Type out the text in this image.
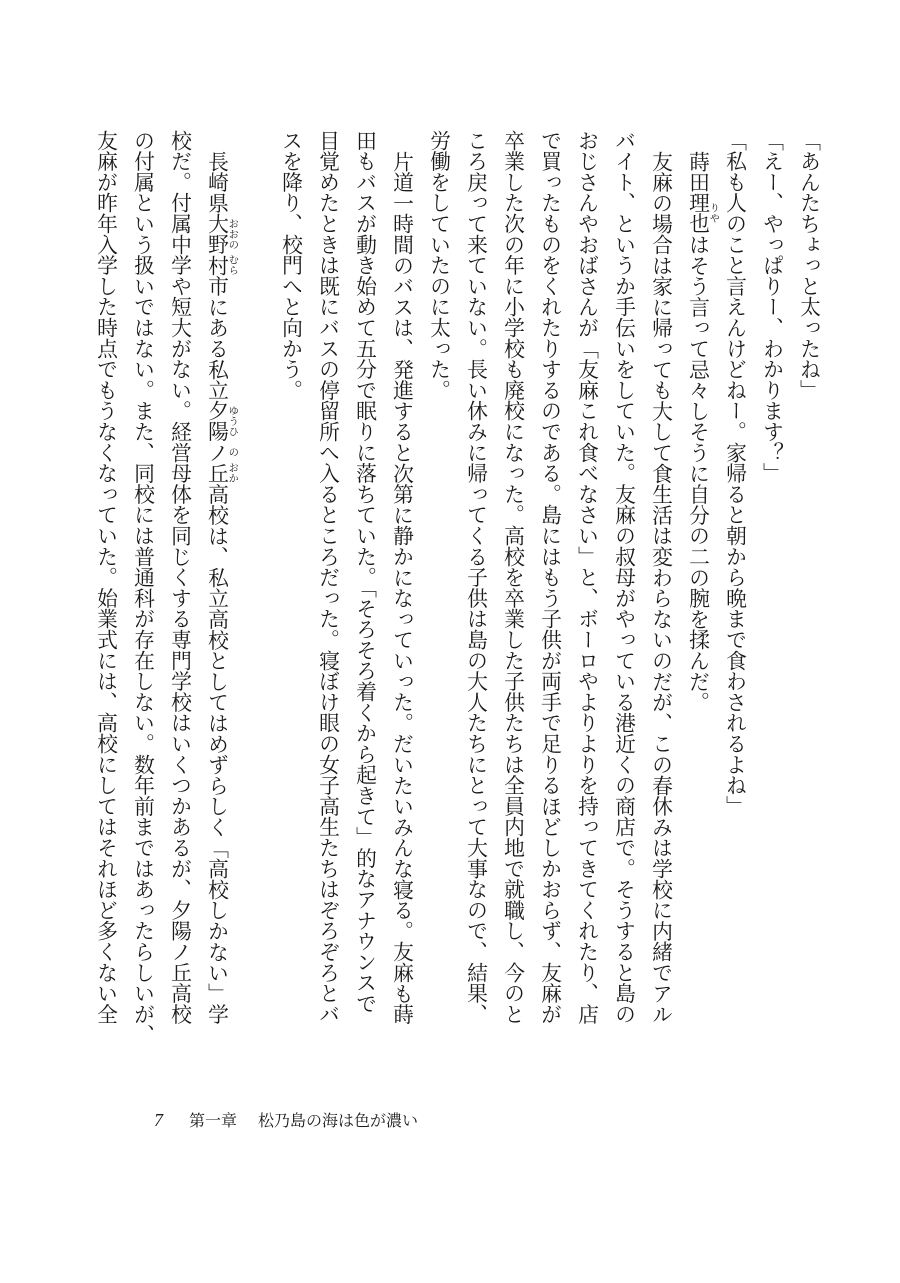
「あんたちょっと太ったね」
「えー、やっぱりー、わかります？」
「私も人のこと言えんけどねー。家帰ると朝から晩まで食わされるよね」
蒔田理也
りや
はそう言って忌々しそうに自分の二の腕を揉んだ。
友麻の場合は家に帰っても大して食生活は変わらないのだが、この春休みは学校に内緒でアル
バイト、というか手伝いをしていた。友麻の叔母がやっている港近くの商店で。そうすると島の
おじさんやおばさんが「友麻これ食べなさい」と、ボーロやよりよりを持ってきてくれたり、店
で買ったものをくれたりするのである。島にはもう子供が両手で足りるほどしかおらず、友麻が
卒業した次の年に小学校も廃校になった。高校を卒業した子供たちは全員内地で就職し、今のと
ころ戻って来ていない。長い休みに帰ってくる子供は島の大人たちにとって大事なので、結果、
労働をしていたのに太った。
片道一時間のバスは、発進すると次第に静かになっていった。だいたいみんな寝る。友麻も蒔
田もバスが動き始めて五分で眠りに落ちていた。「そろそろ着くから起きて」的なアナウンスで
目覚めたときは既にバスの停留所へ入るところだった。寝ぼけ眼の女子高生たちはぞろぞろとバ
スを降り、校門へと向かう。
長崎県大野
おおの
村
むら
市にある私立夕陽
ゆうひ
ノ
の
丘
おか
高校は、私立高校としてはめずらしく「高校しかない」学
校だ。付属中学や短大がない。経営母体を同じくする専門学校はいくつかあるが、夕陽ノ丘高校
の付属という扱いではない。また、同校には普通科が存在しない。数年前まではあったらしいが、
友麻が昨年入学した時点でもうなくなっていた。始業式には、高校にしてはそれほど多くない全
7 第一章 松乃島の海は色が濃い
